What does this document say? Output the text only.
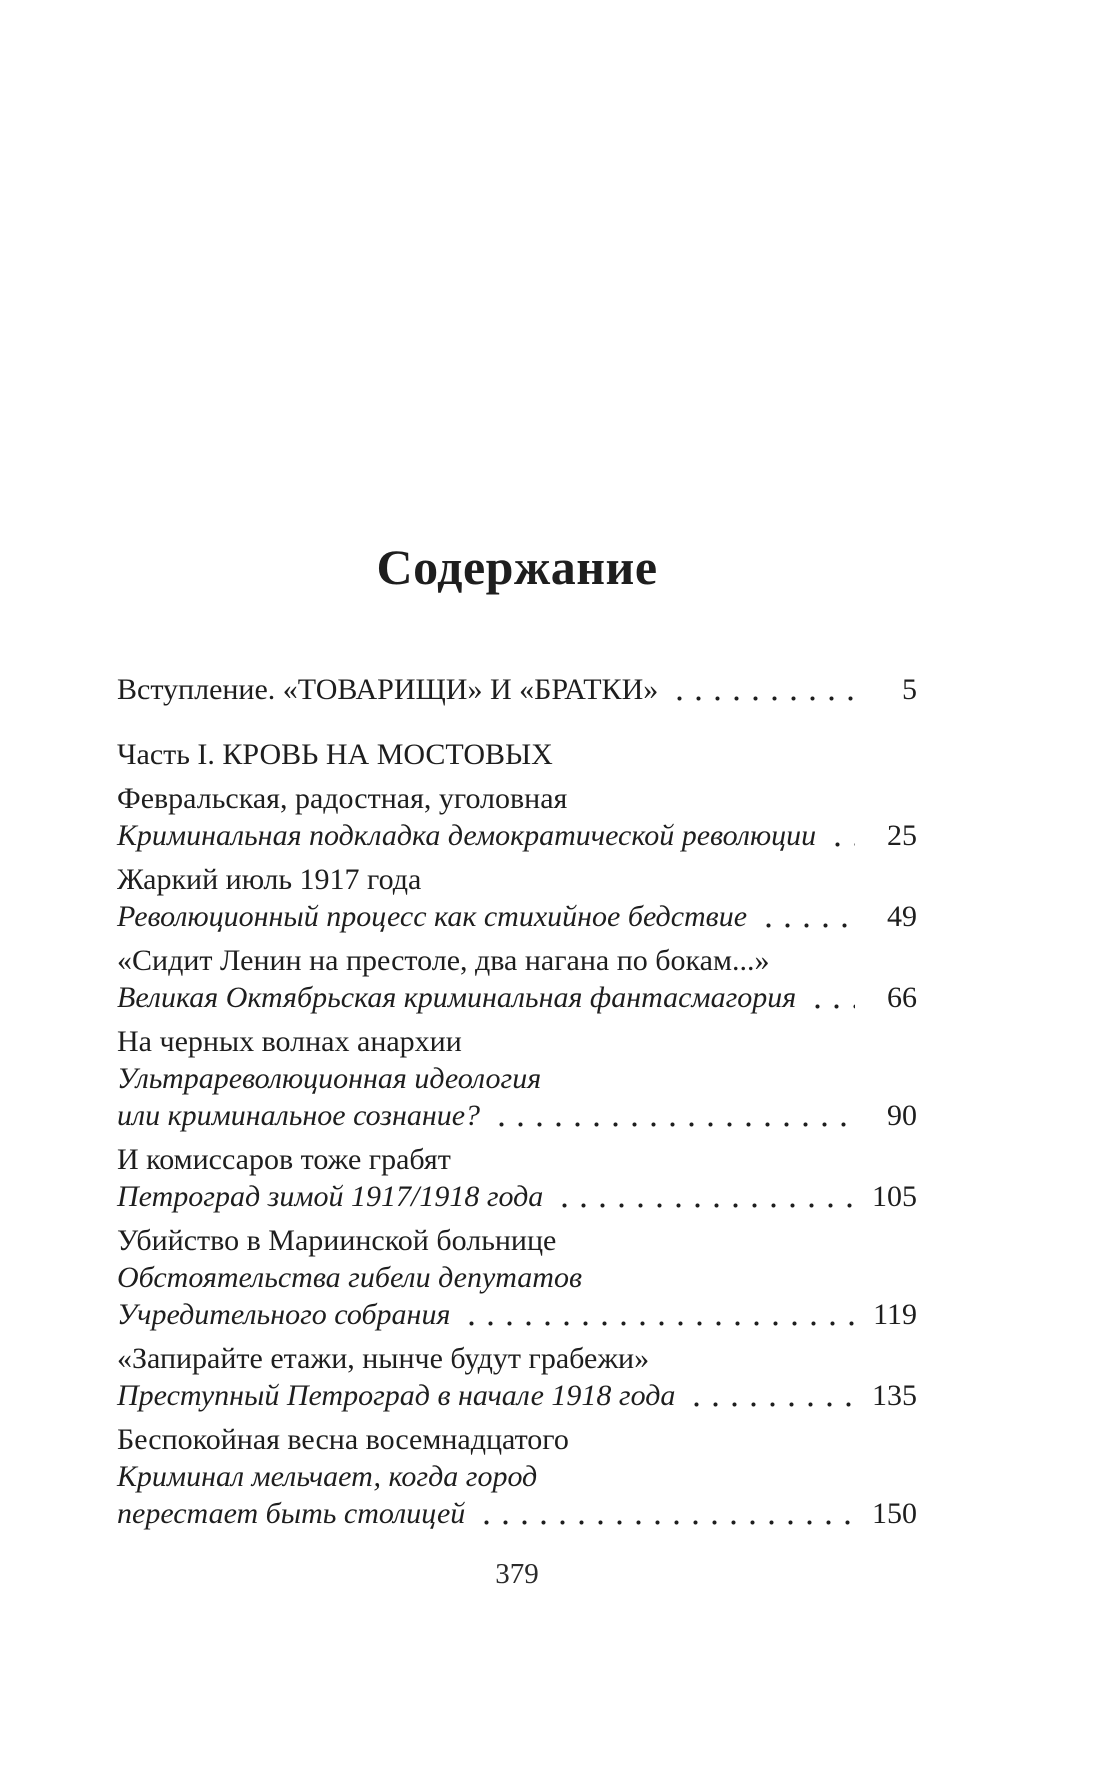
Содержание
Вступление. «ТОВАРИЩИ» И «БРАТКИ»	5
Часть I. КРОВЬ НА МОСТОВЫХ
Февральская, радостная, уголовная
Криминальная подкладка демократической революции	25
Жаркий июль 1917 года
Революционный процесс как стихийное бедствие	49
«Сидит Ленин на престоле, два нагана по бокам...»
Великая Октябрьская криминальная фантасмагория	66
На черных волнах анархии
Ультрареволюционная идеология
или криминальное сознание?	90
И комиссаров тоже грабят
Петроград зимой 1917/1918 года	105
Убийство в Мариинской больнице
Обстоятельства гибели депутатов
Учредительного собрания	119
«Запирайте етажи, нынче будут грабежи»
Преступный Петроград в начале 1918 года	135
Беспокойная весна восемнадцатого
Криминал мельчает, когда город
перестает быть столицей	150
379
